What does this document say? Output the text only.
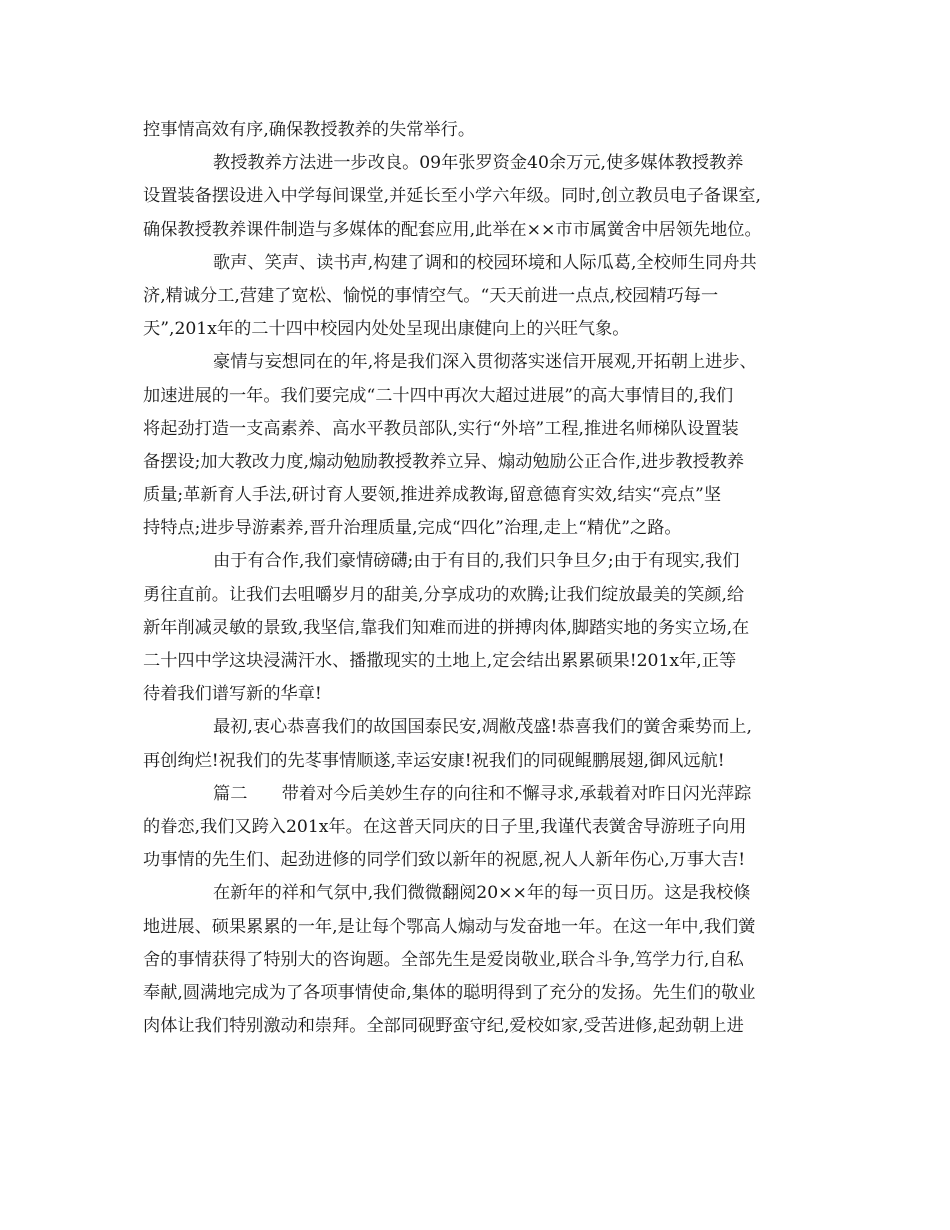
控事情高效有序,确保教授教养的失常举行。
教授教养方法进一步改良。09年张罗资金40余万元,使多媒体教授教养
设置装备摆设进入中学每间课堂,并延长至小学六年级。同时,创立教员电子备课室,
确保教授教养课件制造与多媒体的配套应用,此举在××市市属黉舍中居领先地位。
歌声、笑声、读书声,构建了调和的校园环境和人际瓜葛,全校师生同舟共
济,精诚分工,营建了宽松、愉悦的事情空气。“天天前进一点点,校园精巧每一
天”,201x年的二十四中校园内处处呈现出康健向上的兴旺气象。
豪情与妄想同在的年,将是我们深入贯彻落实迷信开展观,开拓朝上进步、
加速进展的一年。我们要完成“二十四中再次大超过进展”的高大事情目的,我们
将起劲打造一支高素养、高水平教员部队,实行“外培”工程,推进名师梯队设置装
备摆设;加大教改力度,煽动勉励教授教养立异、煽动勉励公正合作,进步教授教养
质量;革新育人手法,研讨育人要领,推进养成教诲,留意德育实效,结实“亮点”坚
持特点;进步导游素养,晋升治理质量,完成“四化”治理,走上“精优”之路。
由于有合作,我们豪情磅礴;由于有目的,我们只争旦夕;由于有现实,我们
勇往直前。让我们去咀嚼岁月的甜美,分享成功的欢腾;让我们绽放最美的笑颜,给
新年削减灵敏的景致,我坚信,靠我们知难而进的拼搏肉体,脚踏实地的务实立场,在
二十四中学这块浸满汗水、播撒现实的土地上,定会结出累累硕果!201x年,正等
待着我们谱写新的华章!
最初,衷心恭喜我们的故国国泰民安,凋敝茂盛!恭喜我们的黉舍乘势而上,
再创绚烂!祝我们的先苳事情顺遂,幸运安康!祝我们的同砚鲲鹏展翅,御风远航!
篇二　　带着对今后美妙生存的向往和不懈寻求,承载着对昨日闪光萍踪
的眷恋,我们又跨入201x年。在这普天同庆的日子里,我谨代表黉舍导游班子向用
功事情的先生们、起劲进修的同学们致以新年的祝愿,祝人人新年伤心,万事大吉!
在新年的祥和气氛中,我们微微翻阅20××年的每一页日历。这是我校倏
地进展、硕果累累的一年,是让每个鄂高人煽动与发奋地一年。在这一年中,我们黉
舍的事情获得了特别大的咨询题。全部先生是爱岗敬业,联合斗争,笃学力行,自私
奉献,圆满地完成为了各项事情使命,集体的聪明得到了充分的发扬。先生们的敬业
肉体让我们特别激动和崇拜。全部同砚野蛮守纪,爱校如家,受苦进修,起劲朝上进
